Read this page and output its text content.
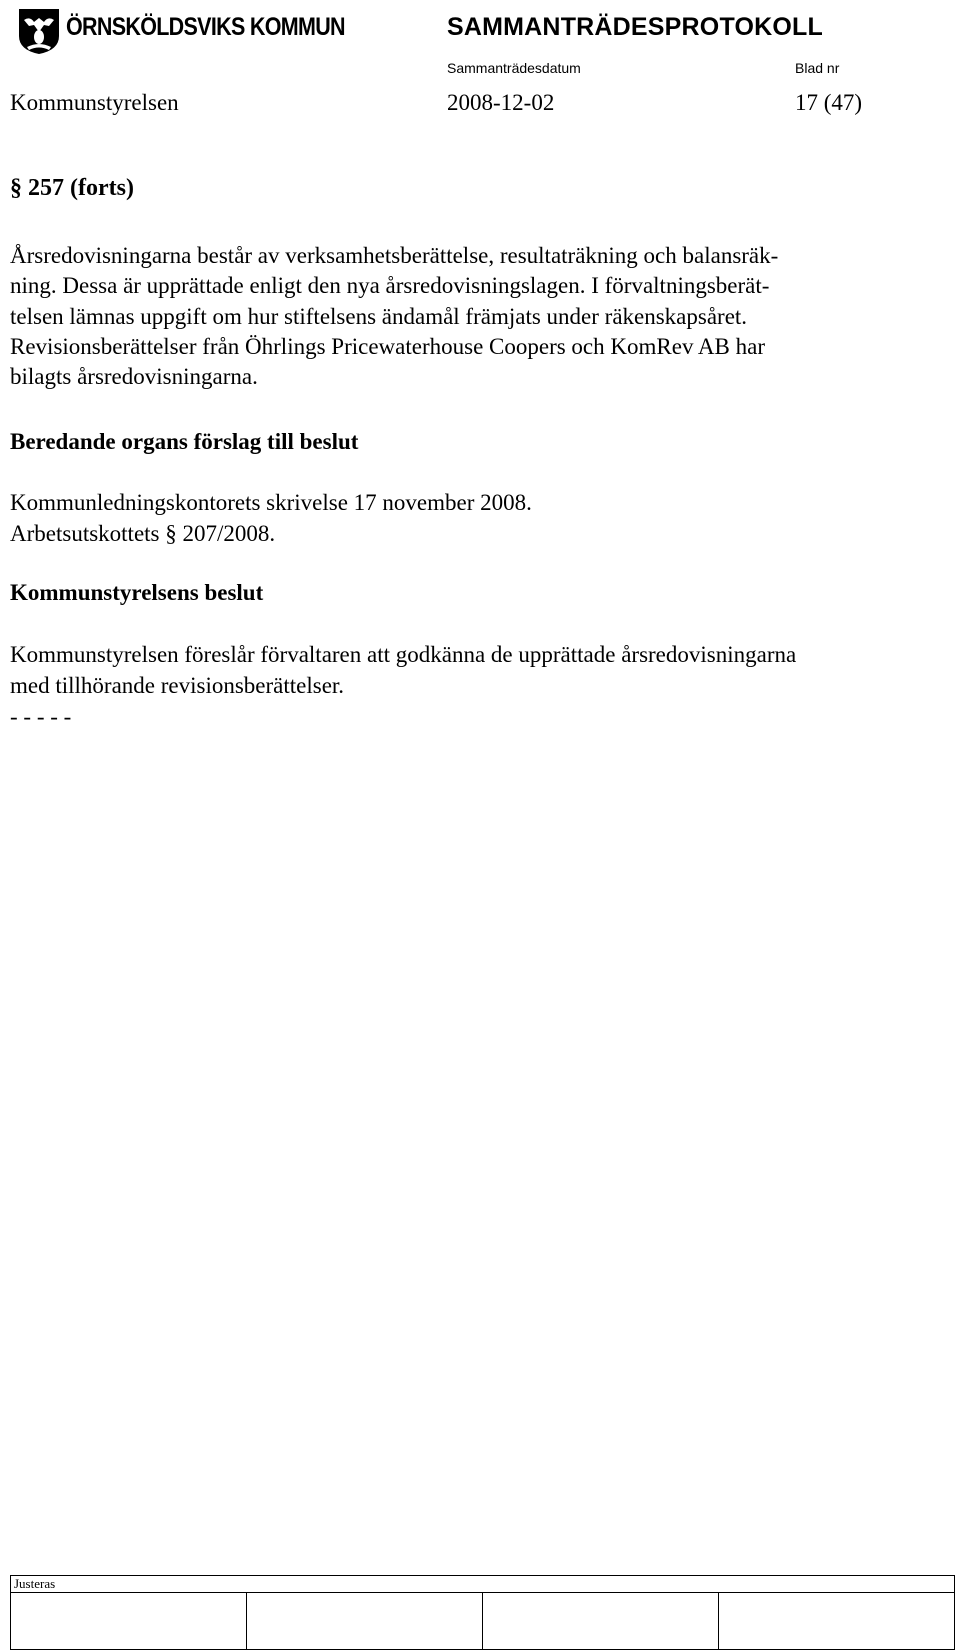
ÖRNSKÖLDSVIKS KOMMUN	SAMMANTRÄDESPROTOKOLL
Sammanträdesdatum	Blad nr
Kommunstyrelsen	2008-12-02	17 (47)
§ 257 (forts)
Årsredovisningarna består av verksamhetsberättelse, resultaträkning och balansräk-
ning. Dessa är upprättade enligt den nya årsredovisningslagen. I förvaltningsberät-
telsen lämnas uppgift om hur stiftelsens ändamål främjats under räkenskapsåret.
Revisionsberättelser från Öhrlings Pricewaterhouse Coopers och KomRev AB har
bilagts årsredovisningarna.
Beredande organs förslag till beslut
Kommunledningskontorets skrivelse 17 november 2008.
Arbetsutskottets § 207/2008.
Kommunstyrelsens beslut
Kommunstyrelsen föreslår förvaltaren att godkänna de upprättade årsredovisningarna
med tillhörande revisionsberättelser.
- - - - -
Justeras
